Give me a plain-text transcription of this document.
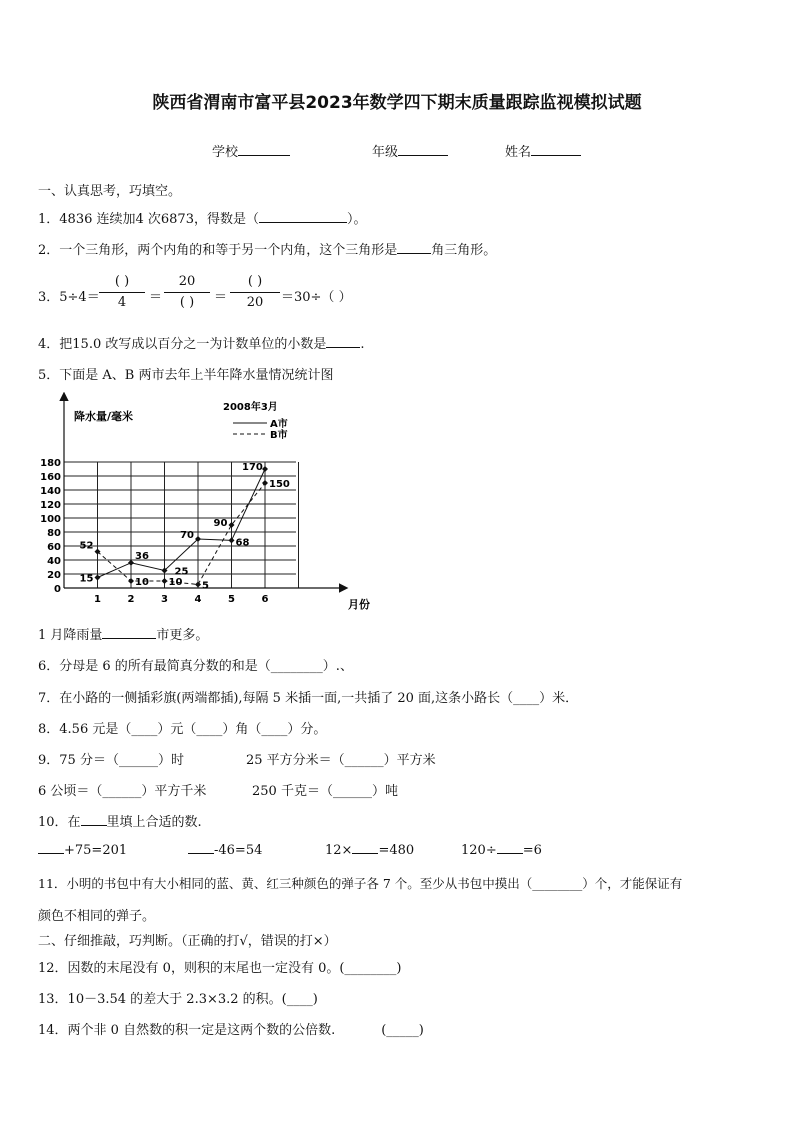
陕西省渭南市富平县2023年数学四下期末质量跟踪监视模拟试题
学校	年级	姓名
一、认真思考，巧填空。
1．4836 连续加4 次6873，得数是（	）。
2．一个三角形，两个内角的和等于另一个内角，这个三角形是	角三角形。
3．5÷4＝
( )
4	＝
20
( )	＝
( )
20	＝30÷（ ）
4．把15.0 改写成以百分之一为计数单位的小数是	.
5．下面是 A、B 两市去年上半年降水量情况统计图
0
20
40
60
80
100
120
140
160
180
1	2	3	4	5	6
降水量/毫米
月份
2008年3月
A市
B市
15
36
25
70
68
170
52
10 10 5
90
150
1 月降雨量	市更多。
6．分母是 6 的所有最简真分数的和是（________）.、
7．在小路的一侧插彩旗(两端都插),每隔 5 米插一面,一共插了 20 面,这条小路长（____）米．
8．4.56 元是（____）元（____）角（____）分。
9．75 分＝（______）时	25 平方分米＝（______）平方米
6 公顷＝（______）平方千米	250 千克＝（______）吨
10．在 里填上合适的数.
+75=201	-46=54	12× =480	120÷ =6
11．小明的书包中有大小相同的蓝、黄、红三种颜色的弹子各 7 个。至少从书包中摸出（________）个，才能保证有
颜色不相同的弹子。
二、仔细推敲，巧判断。（正确的打√，错误的打×）
12．因数的末尾没有 0，则积的末尾也一定没有 0。(________)
13．10－3.54 的差大于 2.3×3.2 的积。(____)
14．两个非 0 自然数的积一定是这两个数的公倍数.	(_____)
